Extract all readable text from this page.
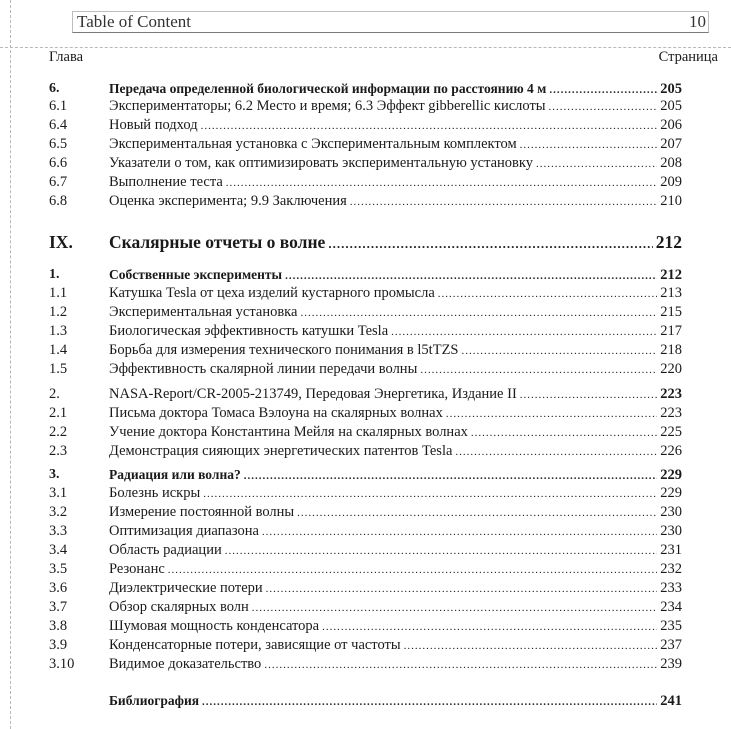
Table of Content	10
Глава	Страница
6.	Передача определенной биологической информации по расстоянию 4 м .....	205
6.1	Экспериментаторы; 6.2 Место и время; 6.3 Эффект gibberellic кислоты .....	205
6.4	Новый подход .....	206
6.5	Экспериментальная установка с Экспериментальным комплектом .....	207
6.6	Указатели о том, как оптимизировать экспериментальную установку .....	208
6.7	Выполнение теста .....	209
6.8	Оценка эксперимента; 9.9 Заключения .....	210
IX. Скалярные отчеты о волне .....	212
1.	Собственные эксперименты .....	212
1.1	Катушка Tesla от цеха изделий кустарного промысла .....	213
1.2	Экспериментальная установка .....	215
1.3	Биологическая эффективность катушки Tesla .....	217
1.4	Борьба для измерения технического понимания в l5tTZS .....	218
1.5	Эффективность скалярной линии передачи волны .....	220
2.	NASA-Report/CR-2005-213749, Передовая Энергетика, Издание II .....	223
2.1	Письма доктора Томаса Вэлоуна на скалярных волнах .....	223
2.2	Учение доктора Константина Мейля на скалярных волнах .....	225
2.3	Демонстрация сияющих энергетических патентов Tesla .....	226
3.	Радиация или волна? .....	229
3.1	Болезнь искры .....	229
3.2	Измерение постоянной волны .....	230
3.3	Оптимизация диапазона .....	230
3.4	Область радиации .....	231
3.5	Резонанс .....	232
3.6	Диэлектрические потери .....	233
3.7	Обзор скалярных волн .....	234
3.8	Шумовая мощность конденсатора .....	235
3.9	Конденсаторные потери, зависящие от частоты .....	237
3.10 Видимое доказательство .....	239
Библиография .....	241
